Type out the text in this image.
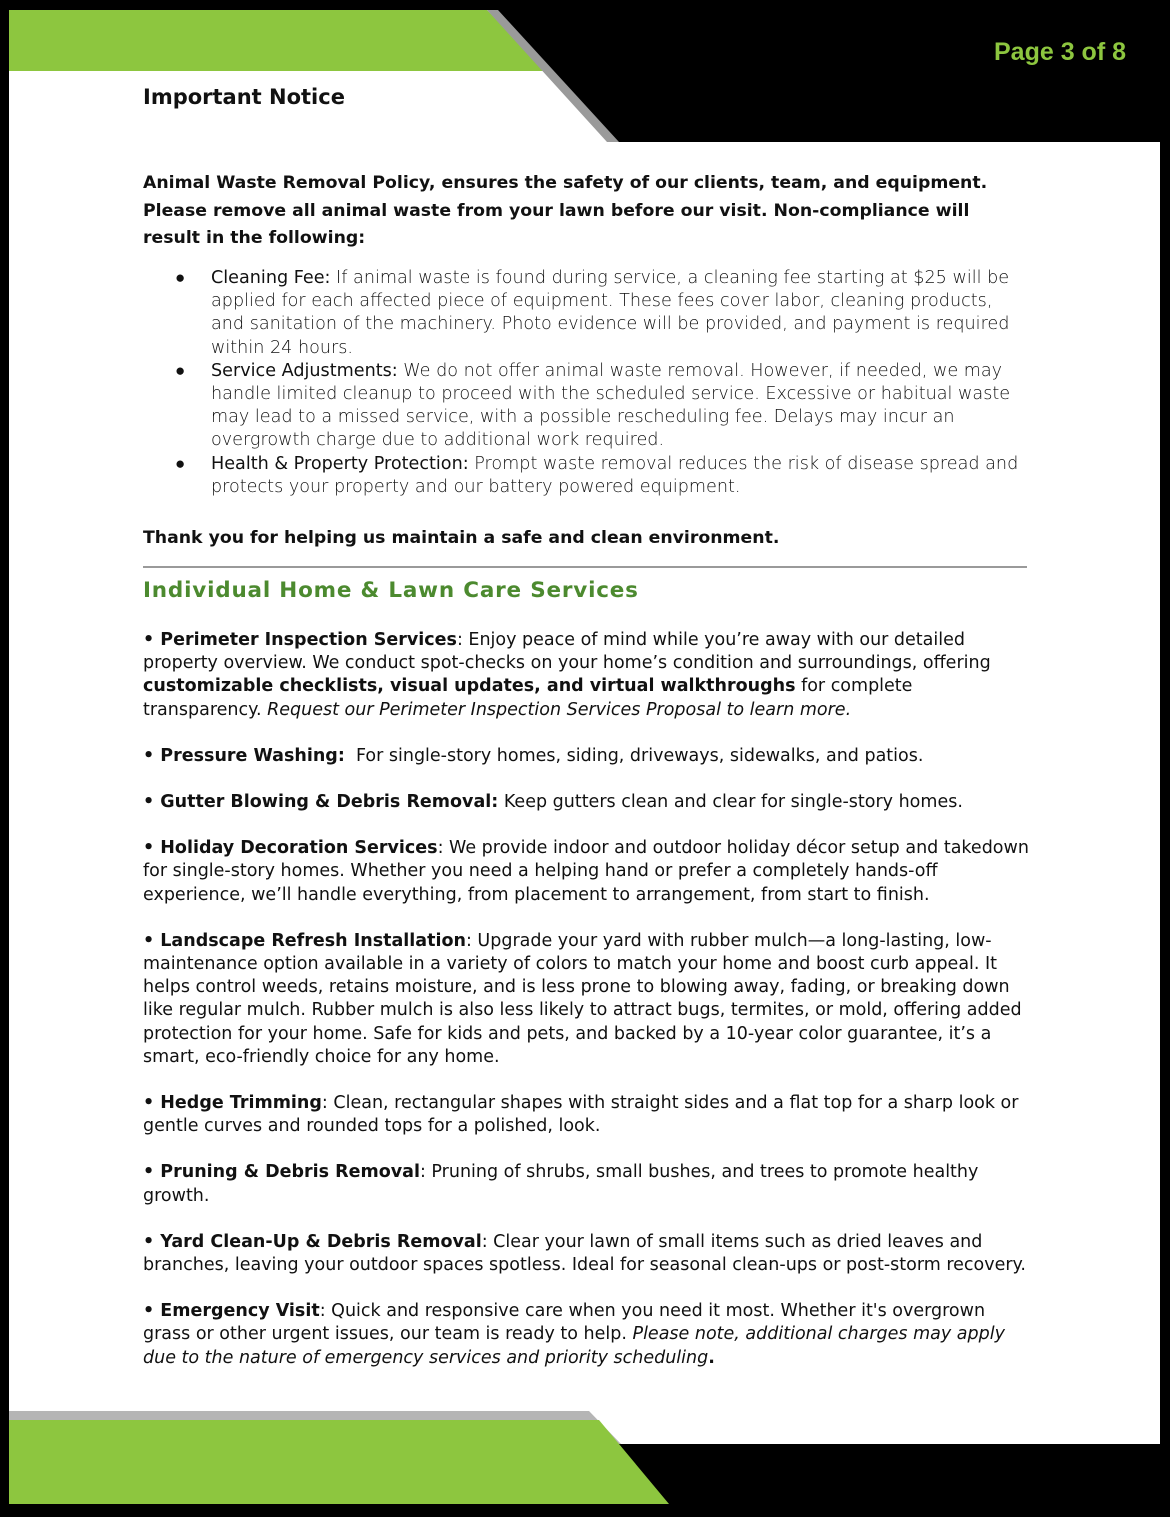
Page 3 of 8
Important Notice
Animal Waste Removal Policy, ensures the safety of our clients, team, and equipment. Please remove all animal waste from your lawn before our visit. Non-compliance will result in the following:
● Cleaning Fee: If animal waste is found during service, a cleaning fee starting at $25 will be applied for each affected piece of equipment. These fees cover labor, cleaning products, and sanitation of the machinery. Photo evidence will be provided, and payment is required within 24 hours.
● Service Adjustments: We do not offer animal waste removal. However, if needed, we may handle limited cleanup to proceed with the scheduled service. Excessive or habitual waste may lead to a missed service, with a possible rescheduling fee. Delays may incur an overgrowth charge due to additional work required.
● Health & Property Protection: Prompt waste removal reduces the risk of disease spread and protects your property and our battery powered equipment.
Thank you for helping us maintain a safe and clean environment.
Individual Home & Lawn Care Services

• Perimeter Inspection Services: Enjoy peace of mind while you’re away with our detailed property overview. We conduct spot-checks on your home’s condition and surroundings, offering customizable checklists, visual updates, and virtual walkthroughs for complete transparency. Request our Perimeter Inspection Services Proposal to learn more.

• Pressure Washing:  For single-story homes, siding, driveways, sidewalks, and patios.

• Gutter Blowing & Debris Removal: Keep gutters clean and clear for single-story homes.

• Holiday Decoration Services: We provide indoor and outdoor holiday décor setup and takedown for single-story homes. Whether you need a helping hand or prefer a completely hands-off experience, we’ll handle everything, from placement to arrangement, from start to finish.

• Landscape Refresh Installation: Upgrade your yard with rubber mulch—a long-lasting, low-maintenance option available in a variety of colors to match your home and boost curb appeal. It helps control weeds, retains moisture, and is less prone to blowing away, fading, or breaking down like regular mulch. Rubber mulch is also less likely to attract bugs, termites, or mold, offering added protection for your home. Safe for kids and pets, and backed by a 10-year color guarantee, it’s a smart, eco-friendly choice for any home.

• Hedge Trimming: Clean, rectangular shapes with straight sides and a flat top for a sharp look or gentle curves and rounded tops for a polished, look.

• Pruning & Debris Removal: Pruning of shrubs, small bushes, and trees to promote healthy growth.

• Yard Clean-Up & Debris Removal: Clear your lawn of small items such as dried leaves and branches, leaving your outdoor spaces spotless. Ideal for seasonal clean-ups or post-storm recovery.

• Emergency Visit: Quick and responsive care when you need it most. Whether it's overgrown grass or other urgent issues, our team is ready to help. Please note, additional charges may apply due to the nature of emergency services and priority scheduling.
